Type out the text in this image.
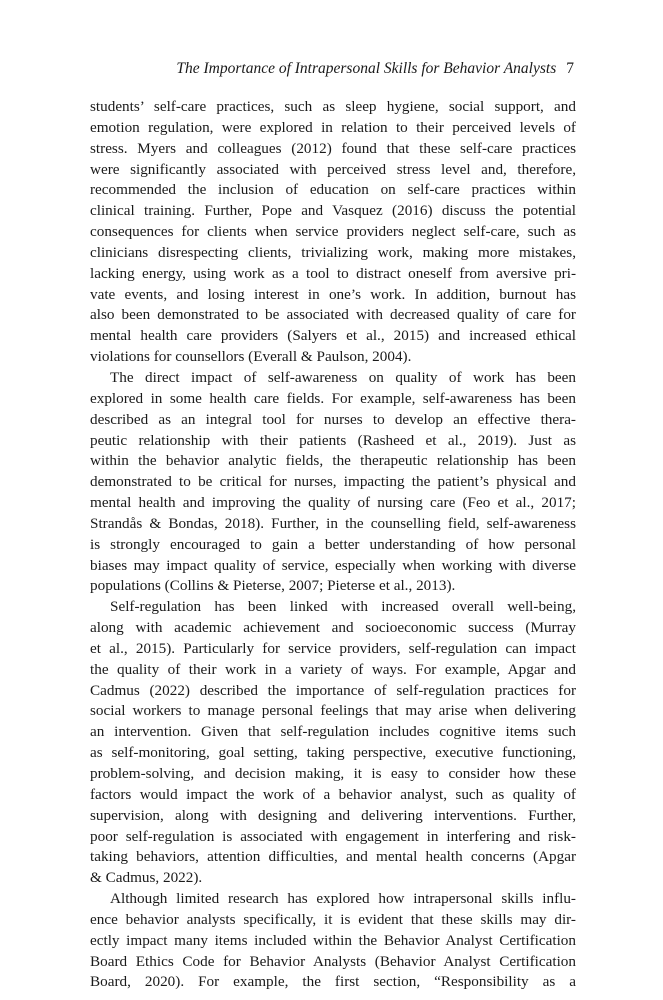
The Importance of Intrapersonal Skills for Behavior Analysts 7
students’ self-care practices, such as sleep hygiene, social support, and
emotion regulation, were explored in relation to their perceived levels of
stress. Myers and colleagues (2012) found that these self-care practices
were significantly associated with perceived stress level and, therefore,
recommended the inclusion of education on self-care practices within
clinical training. Further, Pope and Vasquez (2016) discuss the potential
consequences for clients when service providers neglect self-care, such as
clinicians disrespecting clients, trivializing work, making more mistakes,
lacking energy, using work as a tool to distract oneself from aversive pri-
vate events, and losing interest in one’s work. In addition, burnout has
also been demonstrated to be associated with decreased quality of care for
mental health care providers (Salyers et al., 2015) and increased ethical
violations for counsellors (Everall & Paulson, 2004).
The direct impact of self-awareness on quality of work has been
explored in some health care fields. For example, self-awareness has been
described as an integral tool for nurses to develop an effective thera-
peutic relationship with their patients (Rasheed et al., 2019). Just as
within the behavior analytic fields, the therapeutic relationship has been
demonstrated to be critical for nurses, impacting the patient’s physical and
mental health and improving the quality of nursing care (Feo et al., 2017;
Strandås & Bondas, 2018). Further, in the counselling field, self-awareness
is strongly encouraged to gain a better understanding of how personal
biases may impact quality of service, especially when working with diverse
populations (Collins & Pieterse, 2007; Pieterse et al., 2013).
Self-regulation has been linked with increased overall well-being,
along with academic achievement and socioeconomic success (Murray
et al., 2015). Particularly for service providers, self-regulation can impact
the quality of their work in a variety of ways. For example, Apgar and
Cadmus (2022) described the importance of self-regulation practices for
social workers to manage personal feelings that may arise when delivering
an intervention. Given that self-regulation includes cognitive items such
as self-monitoring, goal setting, taking perspective, executive functioning,
problem-solving, and decision making, it is easy to consider how these
factors would impact the work of a behavior analyst, such as quality of
supervision, along with designing and delivering interventions. Further,
poor self-regulation is associated with engagement in interfering and risk-
taking behaviors, attention difficulties, and mental health concerns (Apgar
& Cadmus, 2022).
Although limited research has explored how intrapersonal skills influ-
ence behavior analysts specifically, it is evident that these skills may dir-
ectly impact many items included within the Behavior Analyst Certification
Board Ethics Code for Behavior Analysts (Behavior Analyst Certification
Board, 2020). For example, the first section, “Responsibility as a
